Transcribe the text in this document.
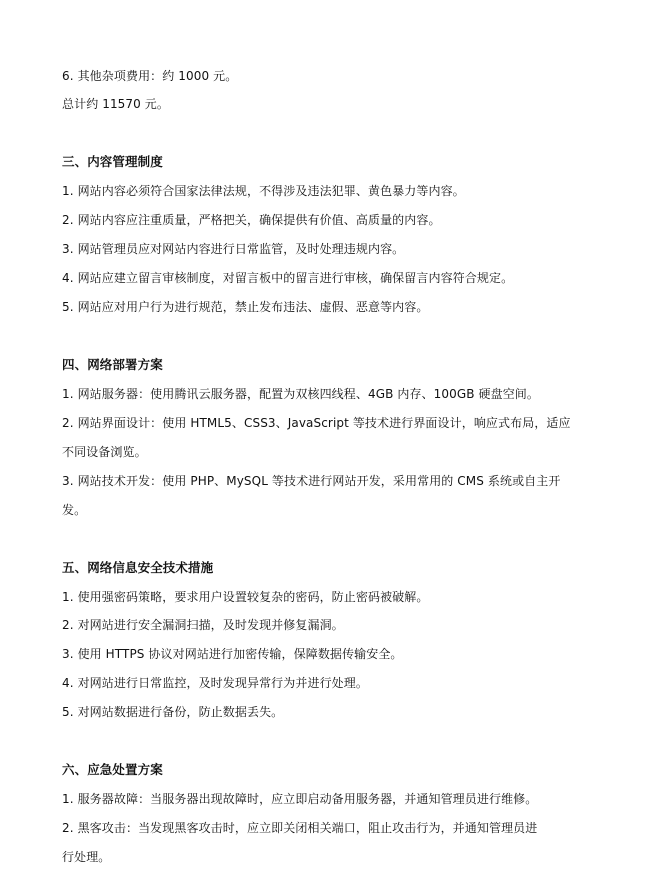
6. 其他杂项费用：约 1000 元。
总计约 11570 元。
三、内容管理制度
1. 网站内容必须符合国家法律法规，不得涉及违法犯罪、黄色暴力等内容。
2. 网站内容应注重质量，严格把关，确保提供有价值、高质量的内容。
3. 网站管理员应对网站内容进行日常监管，及时处理违规内容。
4. 网站应建立留言审核制度，对留言板中的留言进行审核，确保留言内容符合规定。
5. 网站应对用户行为进行规范，禁止发布违法、虚假、恶意等内容。
四、网络部署方案
1. 网站服务器：使用腾讯云服务器，配置为双核四线程、4GB 内存、100GB 硬盘空间。
2. 网站界面设计：使用 HTML5、CSS3、JavaScript 等技术进行界面设计，响应式布局，适应
不同设备浏览。
3. 网站技术开发：使用 PHP、MySQL 等技术进行网站开发，采用常用的 CMS 系统或自主开
发。
五、网络信息安全技术措施
1. 使用强密码策略，要求用户设置较复杂的密码，防止密码被破解。
2. 对网站进行安全漏洞扫描，及时发现并修复漏洞。
3. 使用 HTTPS 协议对网站进行加密传输，保障数据传输安全。
4. 对网站进行日常监控，及时发现异常行为并进行处理。
5. 对网站数据进行备份，防止数据丢失。
六、应急处置方案
1. 服务器故障：当服务器出现故障时，应立即启动备用服务器，并通知管理员进行维修。
2. 黑客攻击：当发现黑客攻击时，应立即关闭相关端口，阻止攻击行为，并通知管理员进
行处理。
